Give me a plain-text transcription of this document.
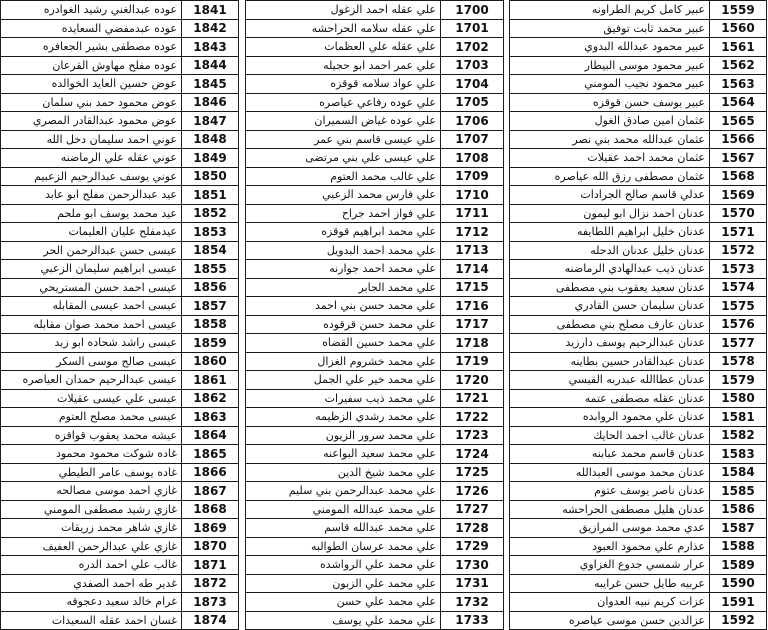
عبير كامل كريم الطراونه	1559
عبير محمد ثابت توفيق	1560
عبير محمود عبدالله البدوي	1561
عبير محمود موسى البيطار	1562
عبير محمود نجيب المومني	1563
عبير يوسف حسن قوقزه	1564
عثمان امين صادق الغول	1565
عثمان عبدالله محمد بني نصر	1566
عثمان محمد احمد عقيلات	1567
عثمان مصطفى رزق الله عياصره	1568
عدلي قاسم صالح الجرادات	1569
عدنان احمد نزال ابو ليمون	1570
عدنان خليل ابراهيم اللطايفه	1571
عدنان خليل عدنان الدحله	1572
عدنان ذيب عبدالهادي الرماضنه	1573
عدنان سعيد يعقوب بني مصطفى	1574
عدنان سليمان حسن القادري	1575
عدنان عارف مصلح بني مصطفى	1576
عدنان عبدالرحيم يوسف دارزيد	1577
عدنان عبدالقادر حسين بطاينه	1578
عدنان عطاالله عبدربه القيسي	1579
عدنان عقله مصطفى عتمه	1580
عدنان علي محمود الروابده	1581
عدنان غالب احمد الحايك	1582
عدنان قاسم محمد عبابنه	1583
عدنان محمد موسى العبدالله	1584
عدنان ناصر يوسف عتوم	1585
عدنان هليل مصطفى الحراحشه	1586
عدي محمد موسى المرازيق	1587
عذارم علي محمود العبود	1588
عرار شمسي جدوع الغزاوي	1589
عربيه طايل حسن غرايبه	1590
عزات كريم نبيه العدوان	1591
عزالدين حسن موسى عياصره	1592
علي عقله احمد الزغول	1700
علي عقله سلامه الحراحشه	1701
علي عقله علي العظمات	1702
علي عمر احمد ابو حجيله	1703
علي عواد سلامه قوقزه	1704
علي عوده رفاعي عياصره	1705
علي عوده غياض السميران	1706
علي عيسى قاسم بني عمر	1707
علي عيسى علي بني مرتضى	1708
علي غالب محمد العتوم	1709
علي فارس محمد الزعبي	1710
علي فواز احمد جراح	1711
علي محمد ابراهيم قوقزه	1712
علي محمد احمد البدويل	1713
علي محمد احمد جوارنه	1714
علي محمد الجابر	1715
علي محمد حسن بني احمد	1716
علي محمد حسن قرقوده	1717
علي محمد حسين القضاه	1718
علي محمد خشروم الغزال	1719
علي محمد خير علي الجمل	1720
علي محمد ذيب سفيرات	1721
علي محمد رشدي الزظيمه	1722
علي محمد سرور الزيون	1723
علي محمد سعيد البواعنه	1724
علي محمد شيخ الدين	1725
علي محمد عبدالرحمن بني سليم	1726
علي محمد عبدالله المومني	1727
علي محمد عبدالله قاسم	1728
علي محمد عرسان الطوالبه	1729
علي محمد علي الرواشده	1730
علي محمد علي الزبون	1731
علي محمد علي حسن	1732
علي محمد علي يوسف	1733
عوده عبدالغني رشيد الغوادره	1841
عوده عبدمفضي السعايده	1842
عوده مصطفى بشير الجعافره	1843
عوده مفلح مهاوش القرعان	1844
عوض حسين العايد الخوالده	1845
عوض محمود حمد بني سلمان	1846
عوض محمود عبدالقادر المصري	1847
عوني احمد سليمان دخل الله	1848
عوني عقله علي الرماضنه	1849
عوني يوسف عبدالرحيم الزعبيم	1850
عيد عبدالرحمن مفلح ابو عابد	1851
عيد محمد يوسف ابو ملحم	1852
عيدمفلح عليان العليمات	1853
عيسى حسن عبدالرحمن الحر	1854
عيسى ابراهيم سليمان الزعبي	1855
عيسى احمد حسن المستريحي	1856
عيسى احمد عيسى المقابله	1857
عيسى احمد محمد صوان مقابله	1858
عيسى راشد شحاده ابو زيد	1859
عيسى صالح موسى السكر	1860
عيسى عبدالرحيم حمدان العياصره	1861
عيسى علي عيسى عقيلات	1862
عيسى محمد مصلح العتوم	1863
عيشه محمد يعقوب قواقزه	1864
غاده شوكت محمود محمود	1865
غاده يوسف عامر الطيطي	1866
غازي احمد موسى مصالحه	1867
غازي رشيد مصطفى المومني	1868
غازي شاهر محمد زريقات	1869
غازي علي عبدالرحمن العفيف	1870
غالب علي احمد الدره	1871
غدير طه احمد الصفدي	1872
غرام خالد سعيد دعجوقه	1873
غسان احمد عقله السعيدات	1874
